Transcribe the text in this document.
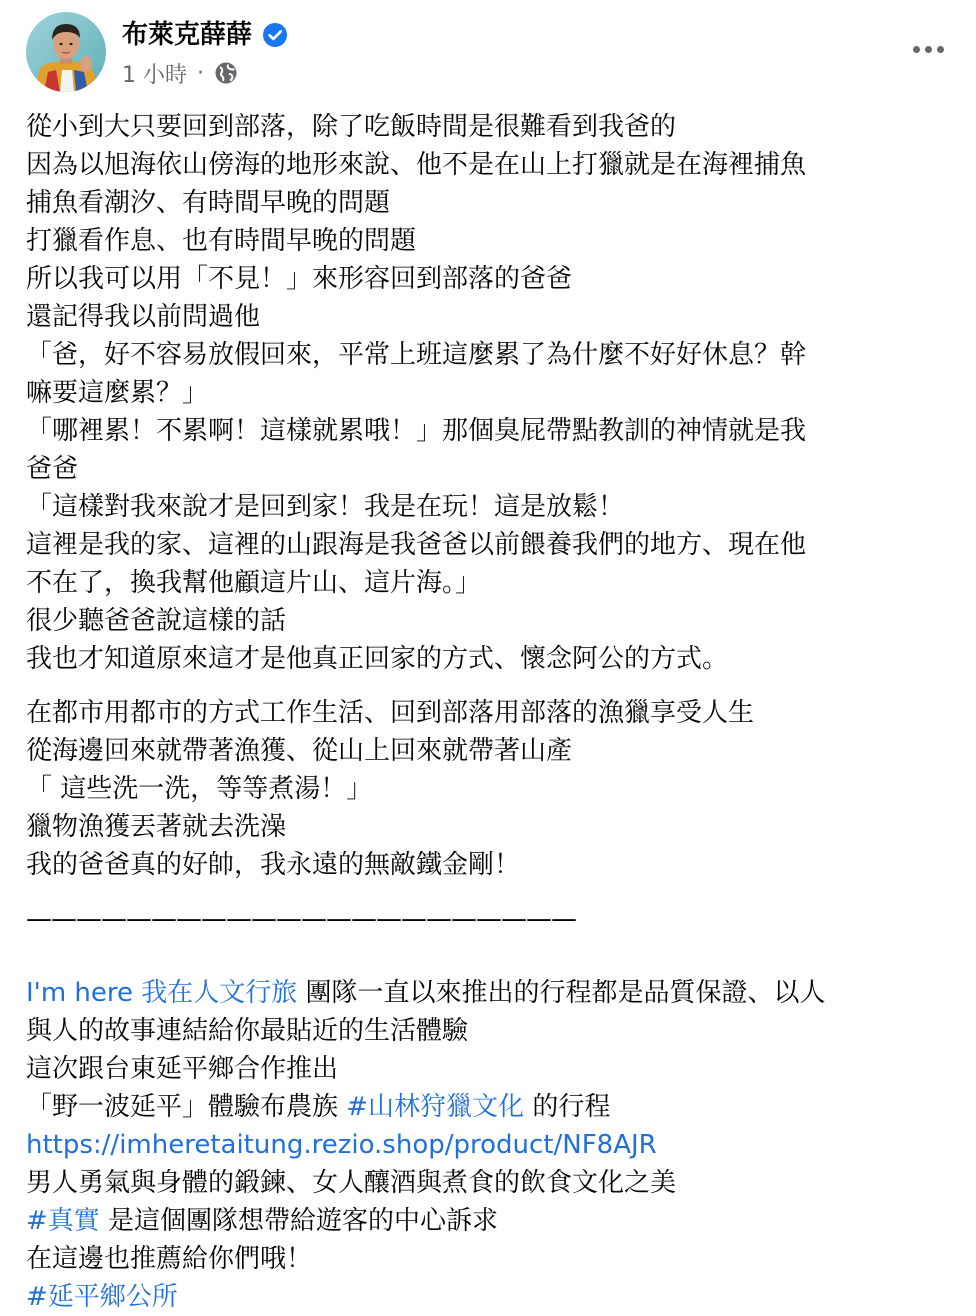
布萊克薛薛
1 小時 ·
從小到大只要回到部落，除了吃飯時間是很難看到我爸的
因為以旭海依山傍海的地形來說、他不是在山上打獵就是在海裡捕魚
捕魚看潮汐、有時間早晚的問題
打獵看作息、也有時間早晚的問題
所以我可以用「不見！」來形容回到部落的爸爸
還記得我以前問過他
「爸，好不容易放假回來，平常上班這麼累了為什麼不好好休息？幹
嘛要這麼累？」
「哪裡累！不累啊！這樣就累哦！」那個臭屁帶點教訓的神情就是我
爸爸
「這樣對我來說才是回到家！我是在玩！這是放鬆！
這裡是我的家、這裡的山跟海是我爸爸以前餵養我們的地方、現在他
不在了，換我幫他顧這片山、這片海。」
很少聽爸爸說這樣的話
我也才知道原來這才是他真正回家的方式、懷念阿公的方式。
在都市用都市的方式工作生活、回到部落用部落的漁獵享受人生
從海邊回來就帶著漁獲、從山上回來就帶著山產
「 這些洗一洗，等等煮湯！」
獵物漁獲丟著就去洗澡
我的爸爸真的好帥，我永遠的無敵鐵金剛！
——————————————————————
I'm here 我在人文行旅 團隊一直以來推出的行程都是品質保證、以人
與人的故事連結給你最貼近的生活體驗
這次跟台東延平鄉合作推出
「野一波延平」體驗布農族 #山林狩獵文化 的行程
https://imheretaitung.rezio.shop/product/NF8AJR
男人勇氣與身體的鍛鍊、女人釀酒與煮食的飲食文化之美
#真實 是這個團隊想帶給遊客的中心訴求
在這邊也推薦給你們哦！
#延平鄉公所
